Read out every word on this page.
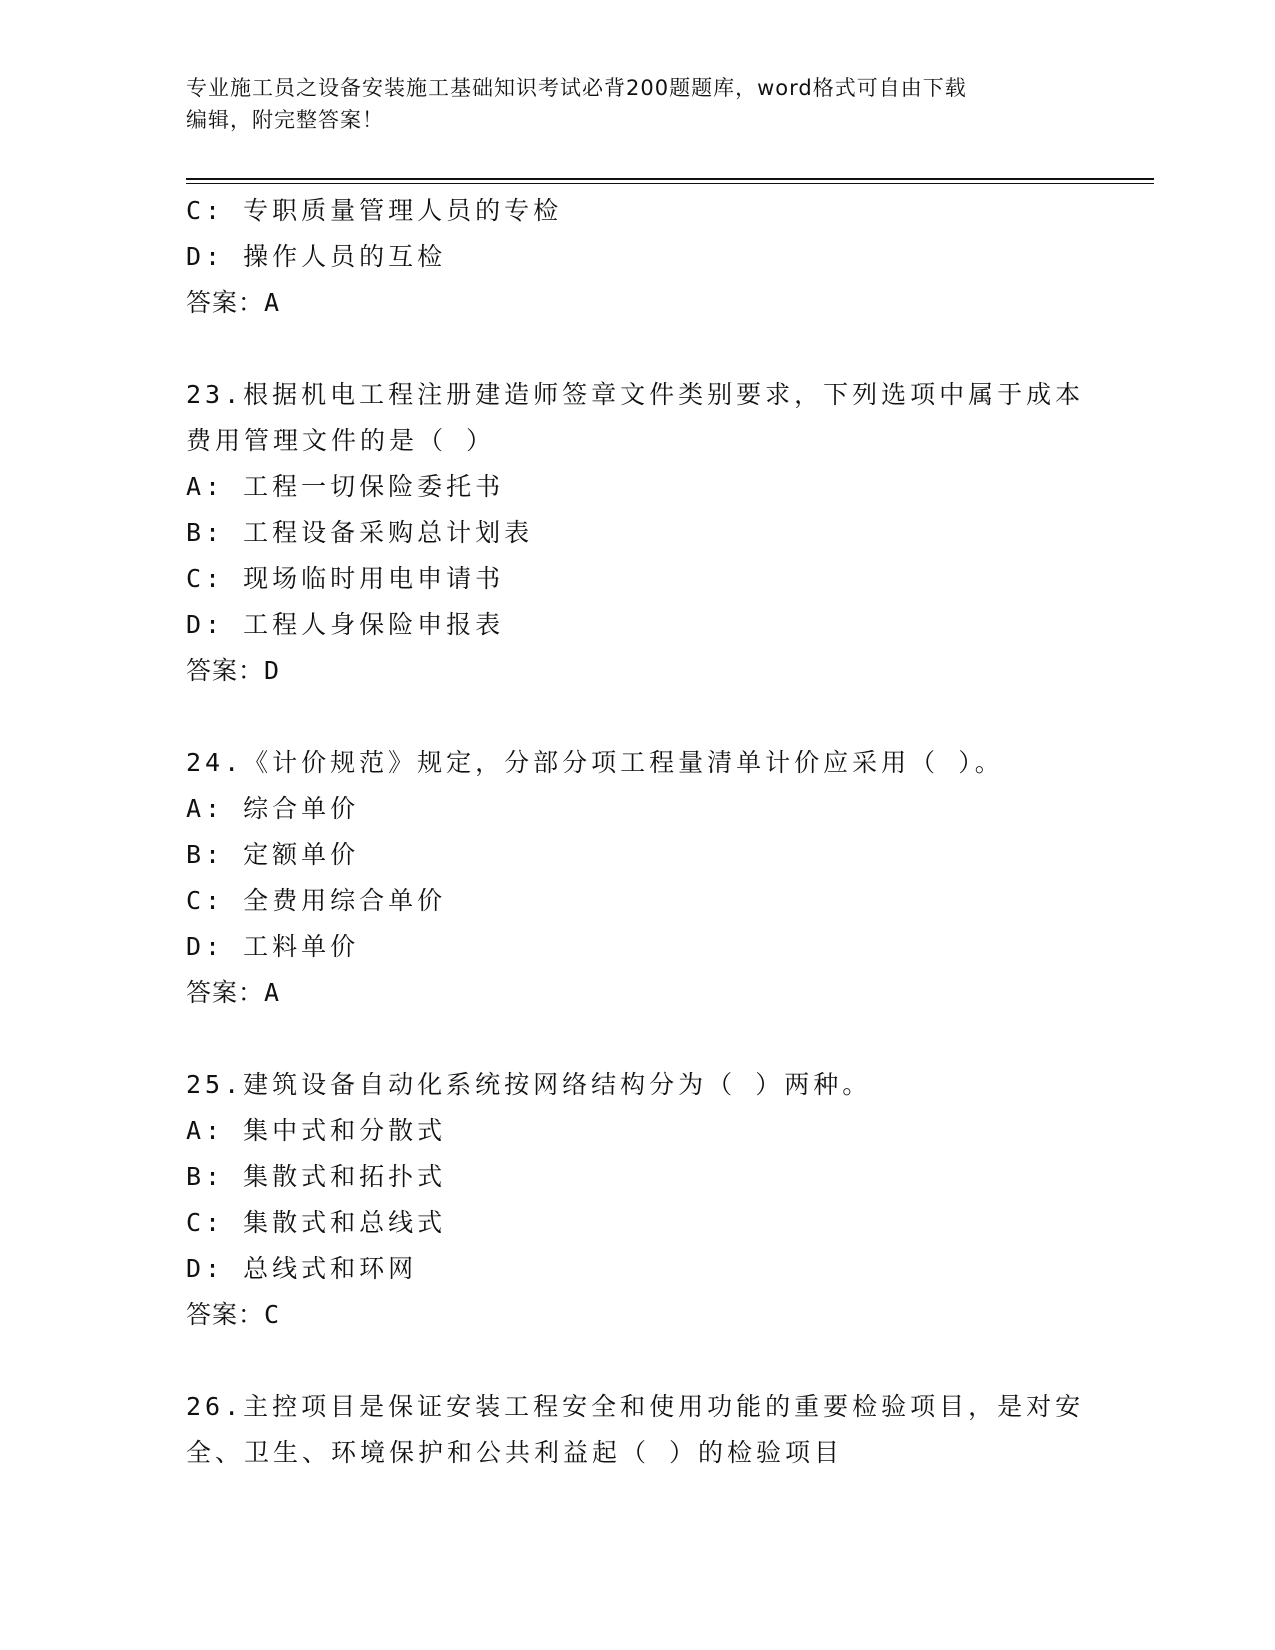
专业施工员之设备安装施工基础知识考试必背200题题库，word格式可自由下载
编辑，附完整答案！
C: 专职质量管理人员的专检
D: 操作人员的互检
答案：A
23.根据机电工程注册建造师签章文件类别要求，下列选项中属于成本
费用管理文件的是（ ）
A: 工程一切保险委托书
B: 工程设备采购总计划表
C: 现场临时用电申请书
D: 工程人身保险申报表
答案：D
24.《计价规范》规定，分部分项工程量清单计价应采用（ ）。
A: 综合单价
B: 定额单价
C: 全费用综合单价
D: 工料单价
答案：A
25.建筑设备自动化系统按网络结构分为（ ）两种。
A: 集中式和分散式
B: 集散式和拓扑式
C: 集散式和总线式
D: 总线式和环网
答案：C
26.主控项目是保证安装工程安全和使用功能的重要检验项目，是对安
全、卫生、环境保护和公共利益起（ ）的检验项目
